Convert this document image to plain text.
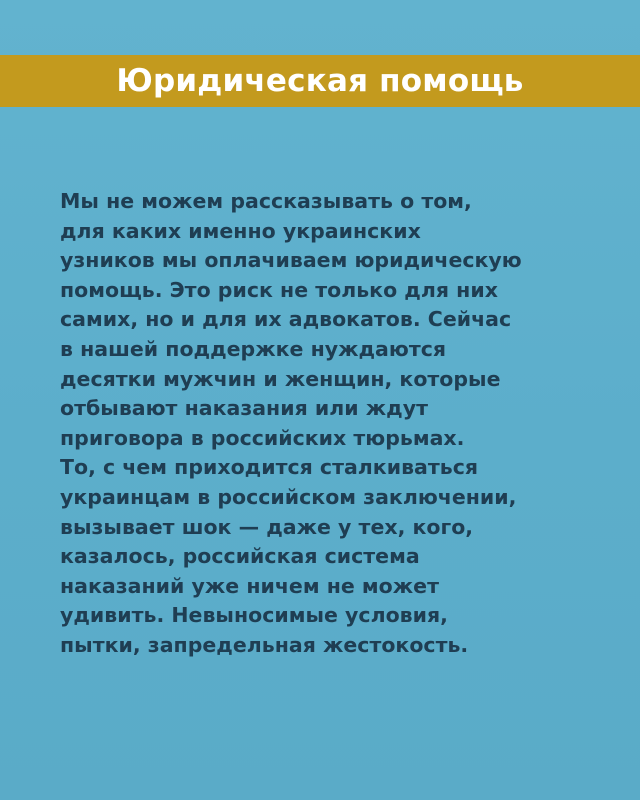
Юридическая помощь

Мы не можем рассказывать о том,
для каких именно украинских
узников мы оплачиваем юридическую
помощь. Это риск не только для них
самих, но и для их адвокатов. Сейчас
в нашей поддержке нуждаются
десятки мужчин и женщин, которые
отбывают наказания или ждут
приговора в российских тюрьмах.
То, с чем приходится сталкиваться
украинцам в российском заключении,
вызывает шок — даже у тех, кого,
казалось, российская система
наказаний уже ничем не может
удивить. Невыносимые условия,
пытки, запредельная жестокость.
